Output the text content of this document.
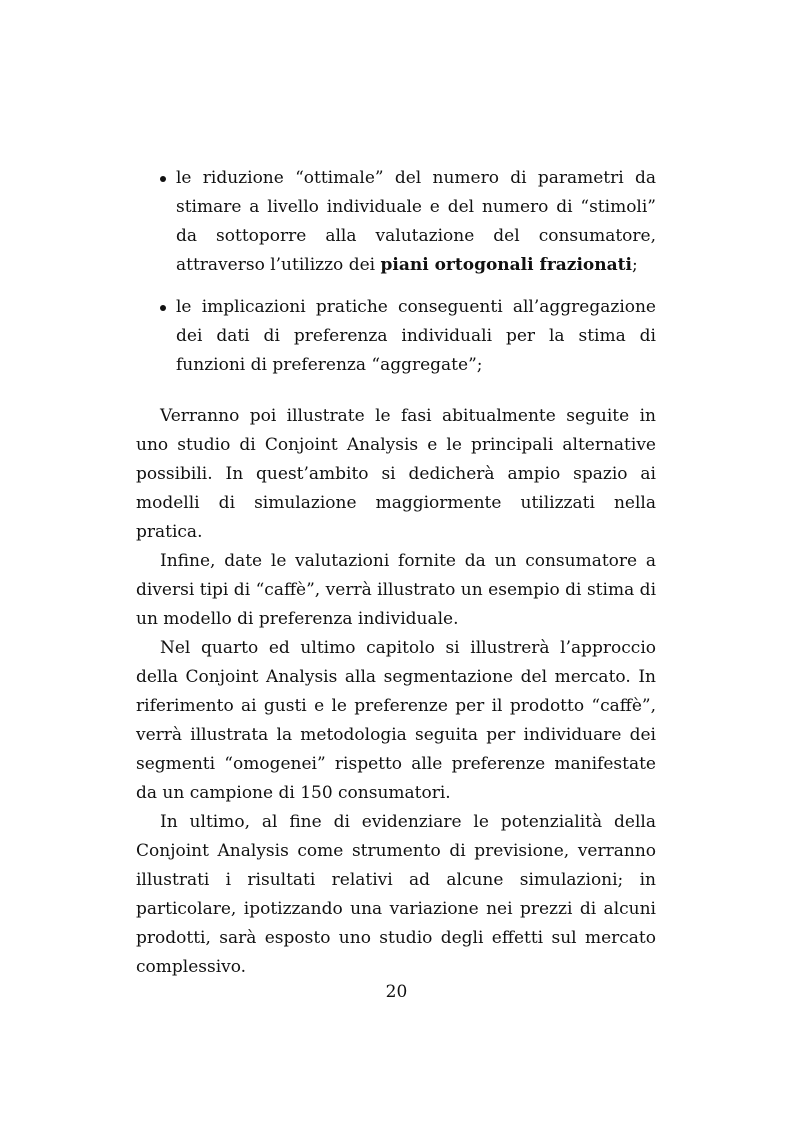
le riduzione “ottimale” del numero di parametri da stimare a livello individuale e del numero di “stimoli” da sottoporre alla valutazione del consumatore, attraverso l’utilizzo dei piani ortogonali frazionati;
le implicazioni pratiche conseguenti all’aggregazione dei dati di preferenza individuali per la stima di funzioni di preferenza “aggregate”;

Verranno poi illustrate le fasi abitualmente seguite in uno studio di Conjoint Analysis e le principali alternative possibili. In quest’ambito si dedicherà ampio spazio ai modelli di simulazione maggiormente utilizzati nella pratica.

Infine, date le valutazioni fornite da un consumatore a diversi tipi di “caffè”, verrà illustrato un esempio di stima di un modello di preferenza individuale.

Nel quarto ed ultimo capitolo si illustrerà l’approccio della Conjoint Analysis alla segmentazione del mercato. In riferimento ai gusti e le preferenze per il prodotto “caffè”, verrà illustrata la metodologia seguita per individuare dei segmenti “omogenei” rispetto alle preferenze manifestate da un campione di 150 consumatori.

In ultimo, al fine di evidenziare le potenzialità della Conjoint Analysis come strumento di previsione, verranno illustrati i risultati relativi ad alcune simulazioni; in particolare, ipotizzando una variazione nei prezzi di alcuni prodotti, sarà esposto uno studio degli effetti sul mercato complessivo.

20
